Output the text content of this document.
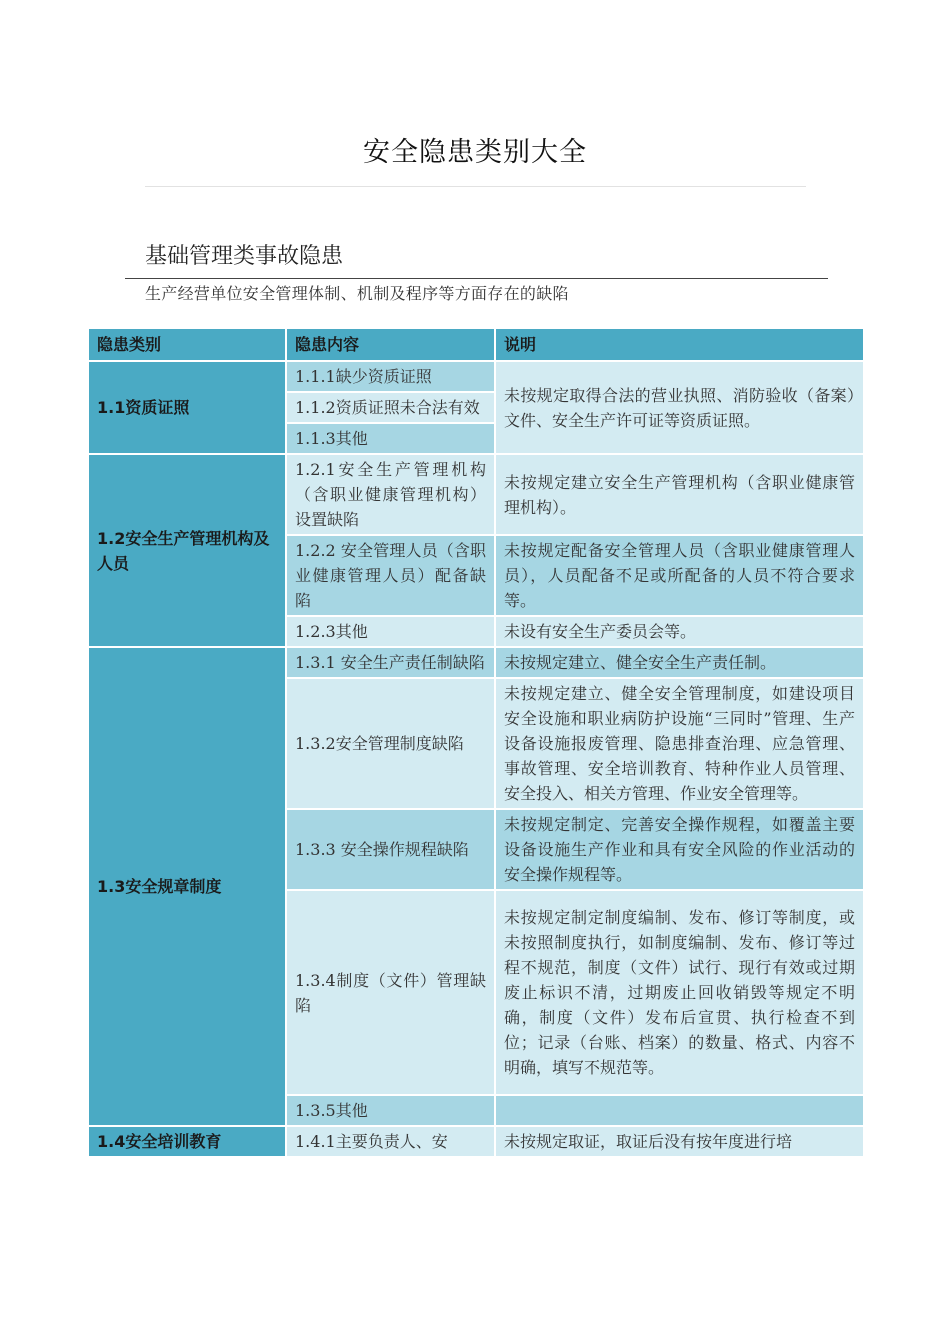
安全隐患类别大全
基础管理类事故隐患
生产经营单位安全管理体制、机制及程序等方面存在的缺陷
隐患类别	隐患内容	说明
1.1资质证照	1.1.1缺少资质证照	未按规定取得合法的营业执照、消防验收（备案）文件、安全生产许可证等资质证照。
	1.1.2资质证照未合法有效	
	1.1.3其他	
1.2安全生产管理机构及人员	1.2.1安全生产管理机构（含职业健康管理机构）设置缺陷	未按规定建立安全生产管理机构（含职业健康管理机构）。
	1.2.2 安全管理人员（含职业健康管理人员）配备缺陷	未按规定配备安全管理人员（含职业健康管理人员），人员配备不足或所配备的人员不符合要求等。
	1.2.3其他	未设有安全生产委员会等。
1.3安全规章制度	1.3.1 安全生产责任制缺陷	未按规定建立、健全安全生产责任制。
	1.3.2安全管理制度缺陷	未按规定建立、健全安全管理制度，如建设项目安全设施和职业病防护设施“三同时”管理、生产设备设施报废管理、隐患排查治理、应急管理、事故管理、安全培训教育、特种作业人员管理、安全投入、相关方管理、作业安全管理等。
	1.3.3 安全操作规程缺陷	未按规定制定、完善安全操作规程，如覆盖主要设备设施生产作业和具有安全风险的作业活动的安全操作规程等。
	1.3.4制度（文件）管理缺陷	未按规定制定制度编制、发布、修订等制度，或未按照制度执行，如制度编制、发布、修订等过程不规范，制度（文件）试行、现行有效或过期废止标识不清，过期废止回收销毁等规定不明确，制度（文件）发布后宣贯、执行检查不到位；记录（台账、档案）的数量、格式、内容不明确，填写不规范等。
	1.3.5其他	
1.4安全培训教育	1.4.1主要负责人、安	未按规定取证，取证后没有按年度进行培
